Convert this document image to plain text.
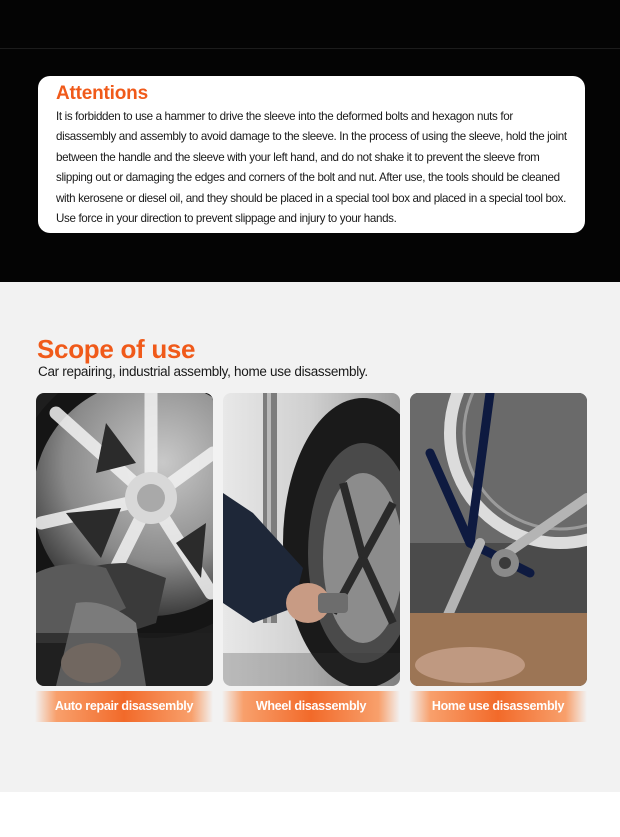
Attentions
It is forbidden to use a hammer to drive the sleeve into the deformed bolts and hexagon nuts for disassembly and assembly to avoid damage to the sleeve. In the process of using the sleeve, hold the joint between the handle and the sleeve with your left hand, and do not shake it to prevent the sleeve from slipping out or damaging the edges and corners of the bolt and nut. After use, the tools should be cleaned with kerosene or diesel oil, and they should be placed in a special tool box and placed in a special tool box. Use force in your direction to prevent slippage and injury to your hands.
Scope of use
Car repairing, industrial assembly, home use disassembly.
Auto repair disassembly	Wheel disassembly	Home use disassembly
